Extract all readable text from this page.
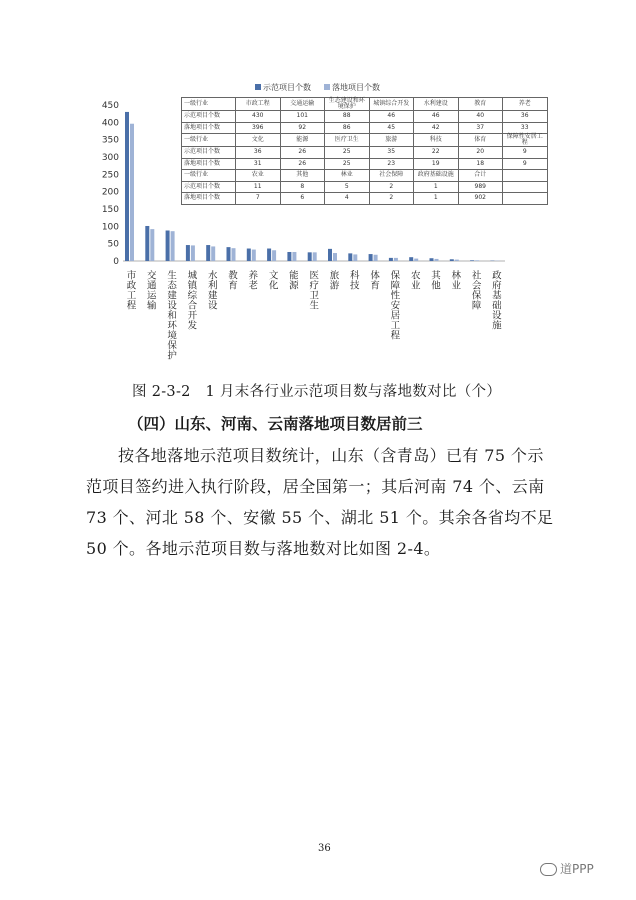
示范项目个数	落地项目个数
0
50
100
150
200
250
300
350
400
450
市政工程 交通运输 生态建设和环境保护 城镇综合开发 水利建设 教育 养老 文化 能源 医疗卫生 旅游 科技 体育 保障性安居工程 农业 其他 林业 社会保障 政府基础设施
一级行业	市政工程	交通运输	生态建设和环境保护	城镇综合开发	水利建设	教育	养老
示范项目个数	430	101	88	46	46	40	36
落地项目个数	396	92	86	45	42	37	33
一级行业	文化	能源	医疗卫生	旅游	科技	体育	保障性安居工程
示范项目个数	36	26	25	35	22	20	9
落地项目个数	31	26	25	23	19	18	9
一级行业	农业	其他	林业	社会保障	政府基础设施	合计	
示范项目个数	11	8	5	2	1	989	
落地项目个数	7	6	4	2	1	902	
图 2-3-2　1 月末各行业示范项目数与落地数对比（个）
（四）山东、河南、云南落地项目数居前三

按各地落地示范项目数统计，山东（含青岛）已有 75 个示范项目签约进入执行阶段，居全国第一；其后河南 74 个、云南 73 个、河北 58 个、安徽 55 个、湖北 51 个。其余各省均不足 50 个。各地示范项目数与落地数对比如图 2-4。

36
道PPP
